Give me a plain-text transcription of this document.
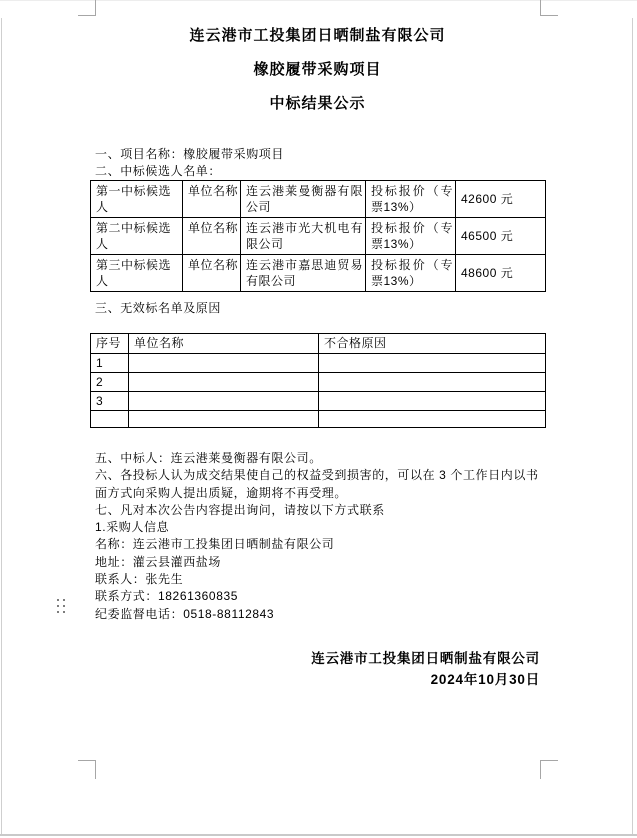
连云港市工投集团日晒制盐有限公司

橡胶履带采购项目

中标结果公示

一、项目名称：橡胶履带采购项目

二、中标候选人名单：

第一中标候选人	单位名称	连云港莱曼衡器有限公司	投标报价（专票13%）	42600 元
第二中标候选人	单位名称	连云港市光大机电有限公司	投标报价（专票13%）	46500 元
第三中标候选人	单位名称	连云港市嘉思迪贸易有限公司	投标报价（专票13%）	48600 元

三、无效标名单及原因

序号	单位名称	不合格原因
1		
2		
3		

五、中标人：连云港莱曼衡器有限公司。

六、各投标人认为成交结果使自己的权益受到损害的，可以在 3 个工作日内以书面方式向采购人提出质疑，逾期将不再受理。

七、凡对本次公告内容提出询问，请按以下方式联系

1.采购人信息

名称：连云港市工投集团日晒制盐有限公司

地址：灌云县灌西盐场

联系人：张先生

联系方式：18261360835

纪委监督电话：0518-88112843

连云港市工投集团日晒制盐有限公司

2024年10月30日
